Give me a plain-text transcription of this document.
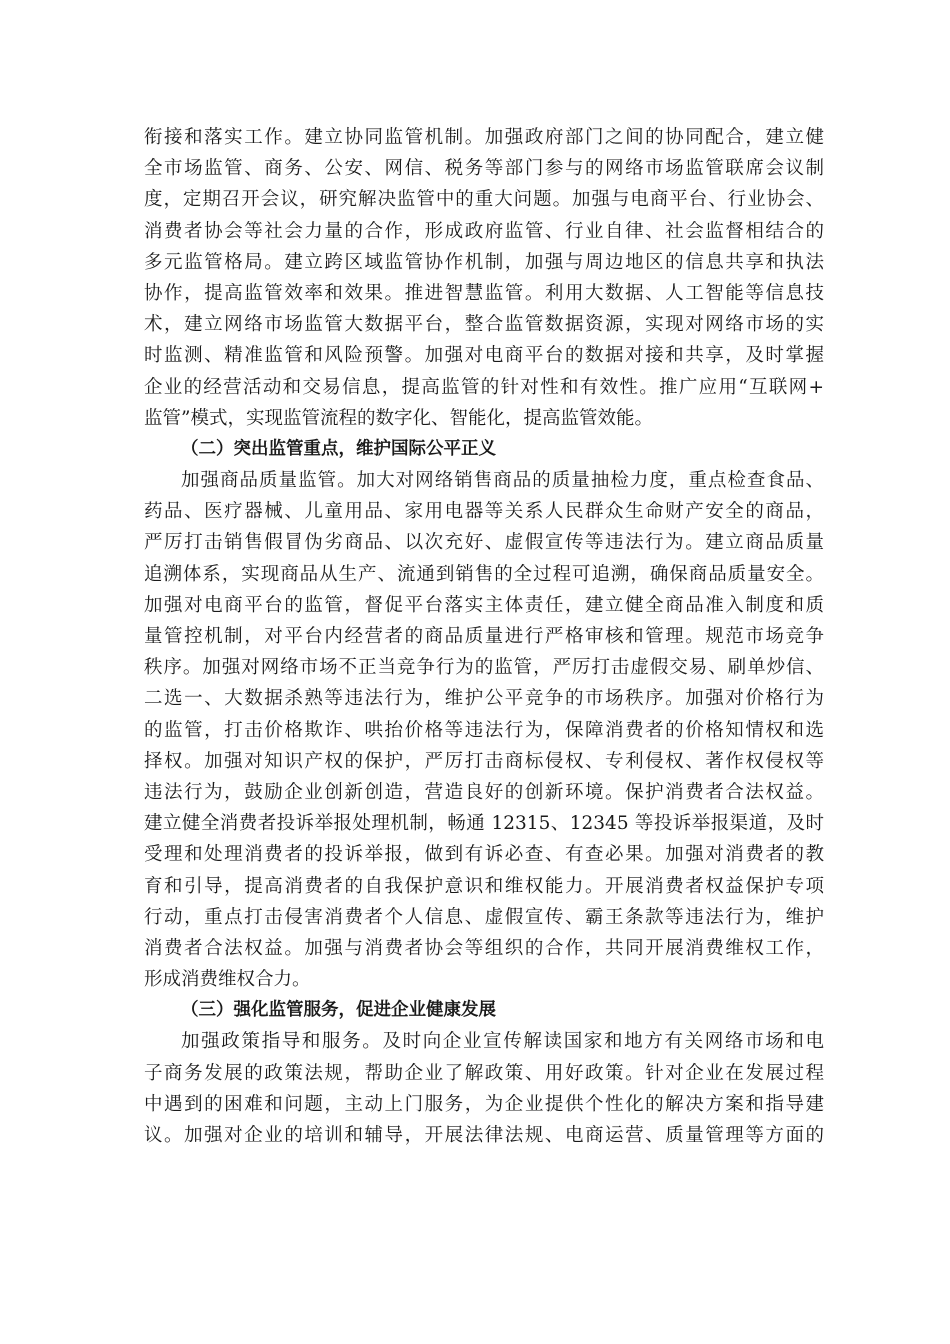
衔接和落实工作。建立协同监管机制。加强政府部门之间的协同配合，建立健
全市场监管、商务、公安、网信、税务等部门参与的网络市场监管联席会议制
度，定期召开会议，研究解决监管中的重大问题。加强与电商平台、行业协会、
消费者协会等社会力量的合作，形成政府监管、行业自律、社会监督相结合的
多元监管格局。建立跨区域监管协作机制，加强与周边地区的信息共享和执法
协作，提高监管效率和效果。推进智慧监管。利用大数据、人工智能等信息技
术，建立网络市场监管大数据平台，整合监管数据资源，实现对网络市场的实
时监测、精准监管和风险预警。加强对电商平台的数据对接和共享，及时掌握
企业的经营活动和交易信息，提高监管的针对性和有效性。推广应用“互联网+
监管”模式，实现监管流程的数字化、智能化，提高监管效能。
（二）突出监管重点，维护国际公平正义
加强商品质量监管。加大对网络销售商品的质量抽检力度，重点检查食品、
药品、医疗器械、儿童用品、家用电器等关系人民群众生命财产安全的商品，
严厉打击销售假冒伪劣商品、以次充好、虚假宣传等违法行为。建立商品质量
追溯体系，实现商品从生产、流通到销售的全过程可追溯，确保商品质量安全。
加强对电商平台的监管，督促平台落实主体责任，建立健全商品准入制度和质
量管控机制，对平台内经营者的商品质量进行严格审核和管理。规范市场竞争
秩序。加强对网络市场不正当竞争行为的监管，严厉打击虚假交易、刷单炒信、
二选一、大数据杀熟等违法行为，维护公平竞争的市场秩序。加强对价格行为
的监管，打击价格欺诈、哄抬价格等违法行为，保障消费者的价格知情权和选
择权。加强对知识产权的保护，严厉打击商标侵权、专利侵权、著作权侵权等
违法行为，鼓励企业创新创造，营造良好的创新环境。保护消费者合法权益。
建立健全消费者投诉举报处理机制，畅通 12315、12345 等投诉举报渠道，及时
受理和处理消费者的投诉举报，做到有诉必查、有查必果。加强对消费者的教
育和引导，提高消费者的自我保护意识和维权能力。开展消费者权益保护专项
行动，重点打击侵害消费者个人信息、虚假宣传、霸王条款等违法行为，维护
消费者合法权益。加强与消费者协会等组织的合作，共同开展消费维权工作，
形成消费维权合力。
（三）强化监管服务，促进企业健康发展
加强政策指导和服务。及时向企业宣传解读国家和地方有关网络市场和电
子商务发展的政策法规，帮助企业了解政策、用好政策。针对企业在发展过程
中遇到的困难和问题，主动上门服务，为企业提供个性化的解决方案和指导建
议。加强对企业的培训和辅导，开展法律法规、电商运营、质量管理等方面的
